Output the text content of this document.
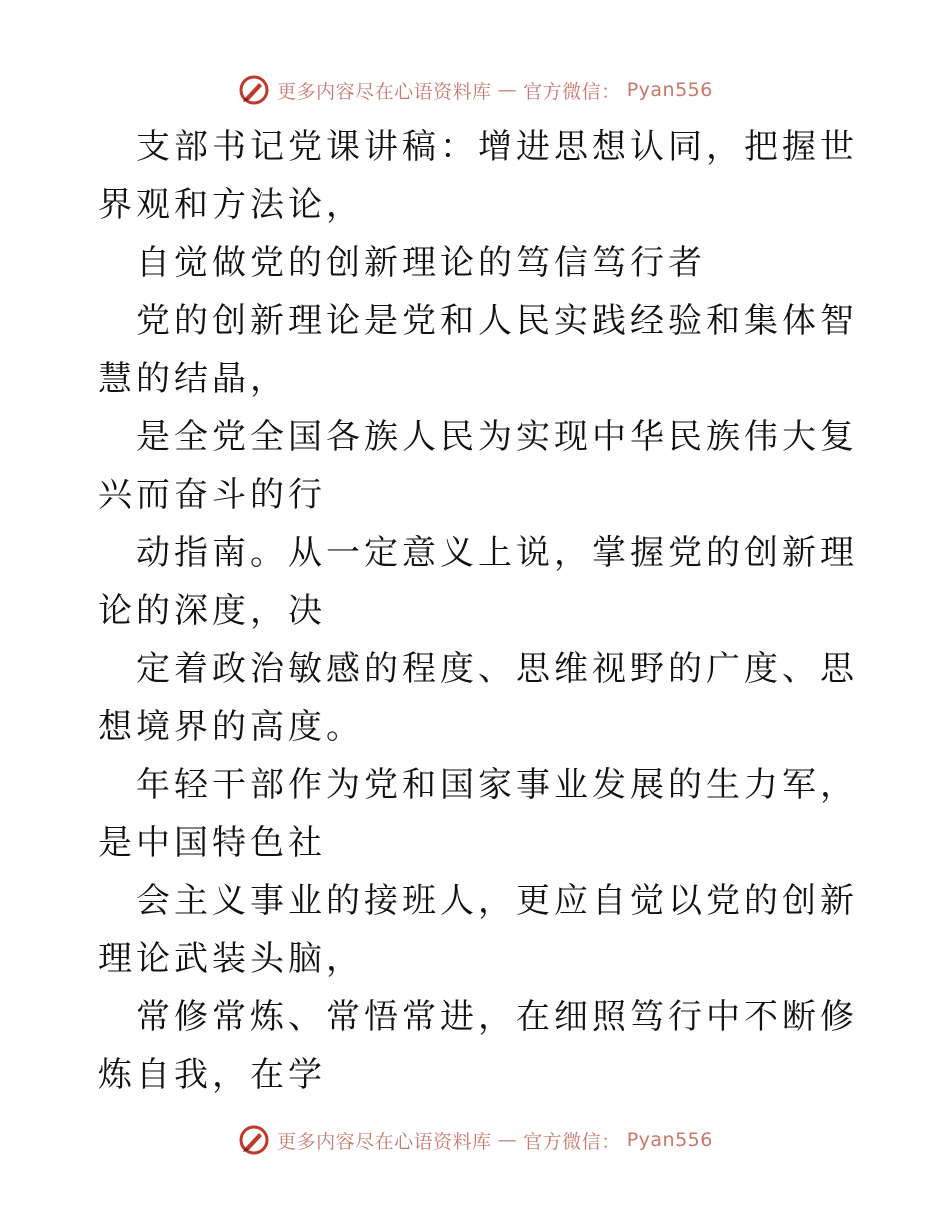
更多内容尽在心语资料库 — 官方微信： Pyan556

支部书记党课讲稿：增进思想认同，把握世界观和方法论，

自觉做党的创新理论的笃信笃行者

党的创新理论是党和人民实践经验和集体智慧的结晶，

是全党全国各族人民为实现中华民族伟大复兴而奋斗的行

动指南。从一定意义上说，掌握党的创新理论的深度，决

定着政治敏感的程度、思维视野的广度、思想境界的高度。

年轻干部作为党和国家事业发展的生力军，是中国特色社

会主义事业的接班人，更应自觉以党的创新理论武装头脑，

常修常炼、常悟常进，在细照笃行中不断修炼自我，在学

更多内容尽在心语资料库 — 官方微信： Pyan556
